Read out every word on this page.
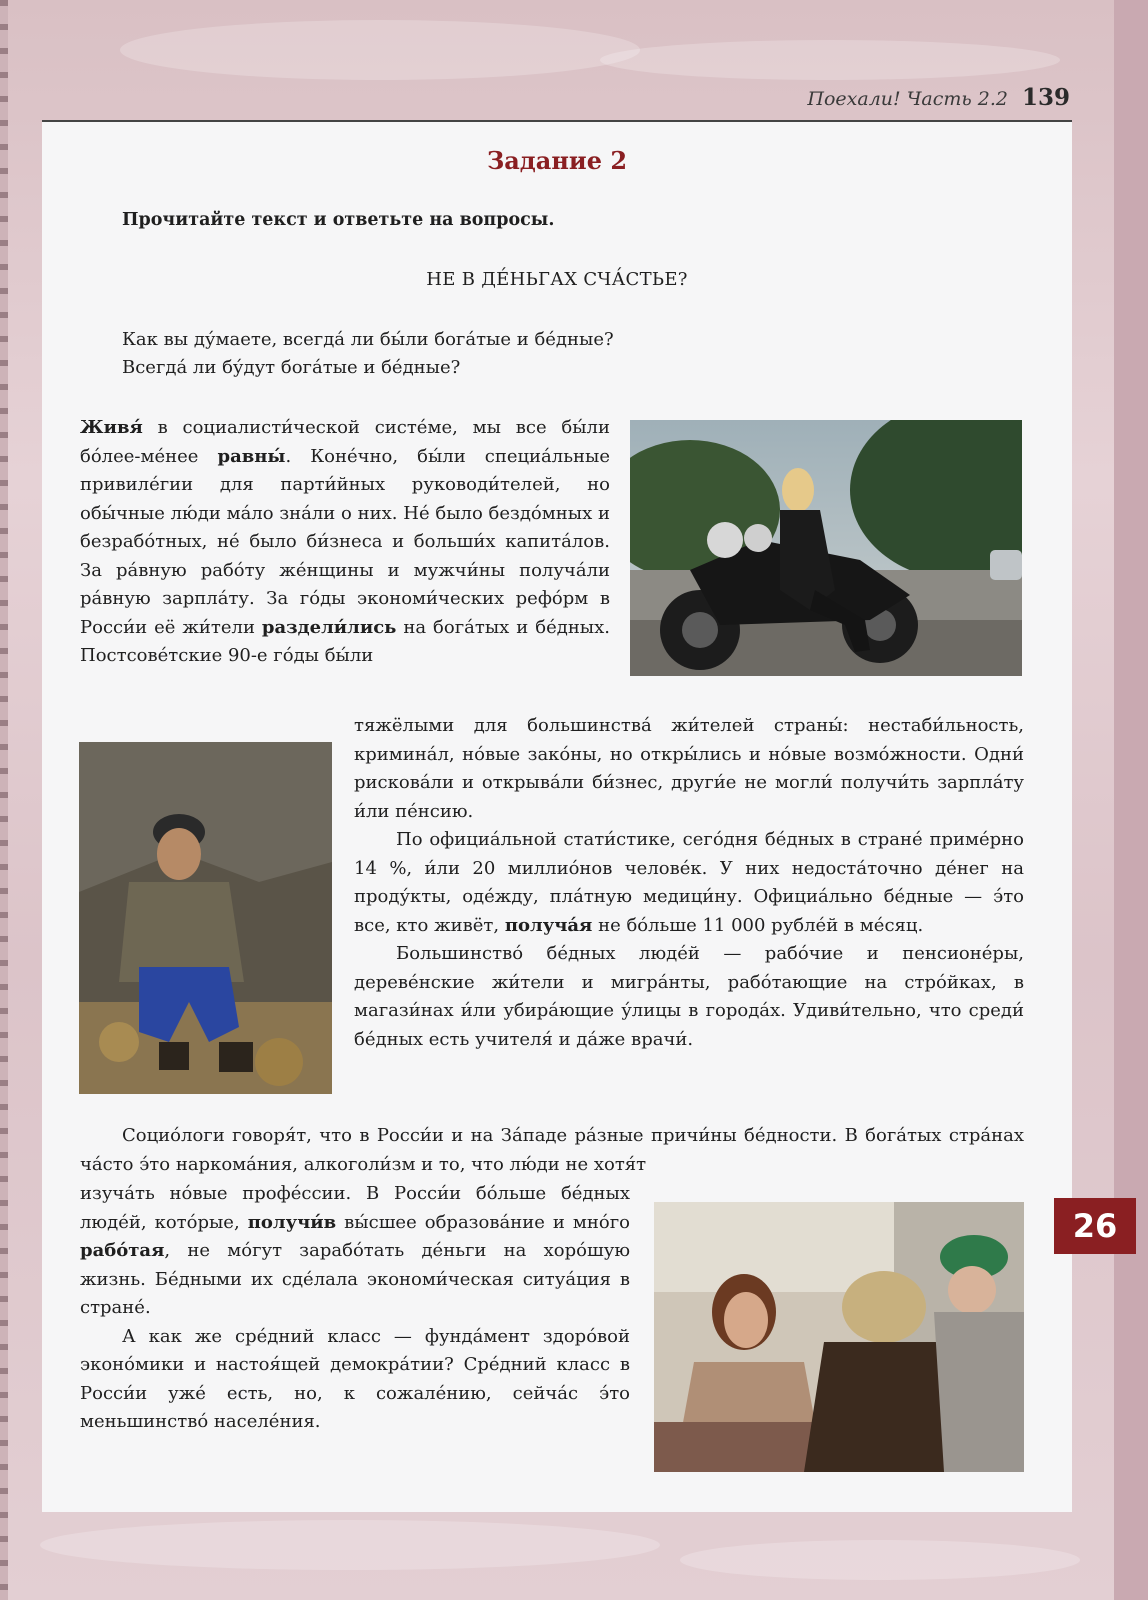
Поехали! Часть 2.2 139
Задание 2
Прочитайте текст и ответьте на вопросы.
НЕ В ДЕ́НЬГАХ СЧА́СТЬЕ?
Как вы ду́маете, всегда́ ли бы́ли бога́тые и бе́дные?
Всегда́ ли бу́дут бога́тые и бе́дные?

Живя́ в социалисти́ческой систе́ме, мы все бы́ли бо́лее-ме́нее равны́. Коне́чно, бы́ли специа́льные привиле́гии для парти́йных руководи́телей, но обы́чные лю́ди ма́ло зна́ли о них. Не́ было бездо́мных и безрабо́тных, не́ было би́знеса и больши́х капита́лов. За ра́вную рабо́ту же́нщины и мужчи́ны получа́ли ра́вную зарпла́ту. За го́ды экономи́ческих рефо́рм в Росси́и её жи́тели раздели́лись на бога́тых и бе́дных. Постсове́тские 90-е го́ды бы́ли

тяжёлыми для большинства́ жи́телей страны́: нестаби́льность, кримина́л, но́вые зако́ны, но откры́лись и но́вые возмо́жности. Одни́ рискова́ли и открыва́ли би́знес, други́е не могли́ получи́ть зарпла́ту и́ли пе́нсию.

По официа́льной стати́стике, сего́дня бе́дных в стране́ приме́рно 14 %, и́ли 20 миллио́нов челове́к. У них недоста́точно де́нег на проду́кты, оде́жду, пла́тную медици́ну. Официа́льно бе́дные — э́то все, кто живёт, получа́я не бо́льше 11 000 рубле́й в ме́сяц.

Большинство́ бе́дных люде́й — рабо́чие и пенсионе́ры, дереве́нские жи́тели и мигра́нты, рабо́тающие на стро́йках, в магази́нах и́ли убира́ющие у́лицы в города́х. Удиви́тельно, что среди́ бе́дных есть учителя́ и да́же врачи́.

Социо́логи говоря́т, что в Росси́и и на За́паде ра́зные причи́ны бе́дности. В бога́тых стра́нах ча́сто э́то наркома́ния, алкоголи́зм и то, что лю́ди не хотя́т

изуча́ть но́вые профе́ссии. В Росси́и бо́льше бе́дных люде́й, кото́рые, получи́в вы́сшее образова́ние и мно́го рабо́тая, не мо́гут зарабо́тать де́ньги на хоро́шую жизнь. Бе́дными их сде́лала экономи́ческая ситуа́ция в стране́.

А как же сре́дний класс — фунда́мент здоро́вой эконо́мики и настоя́щей демокра́тии? Сре́дний класс в Росси́и уже́ есть, но, к сожале́нию, сейча́с э́то меньшинство́ населе́ния.

26
